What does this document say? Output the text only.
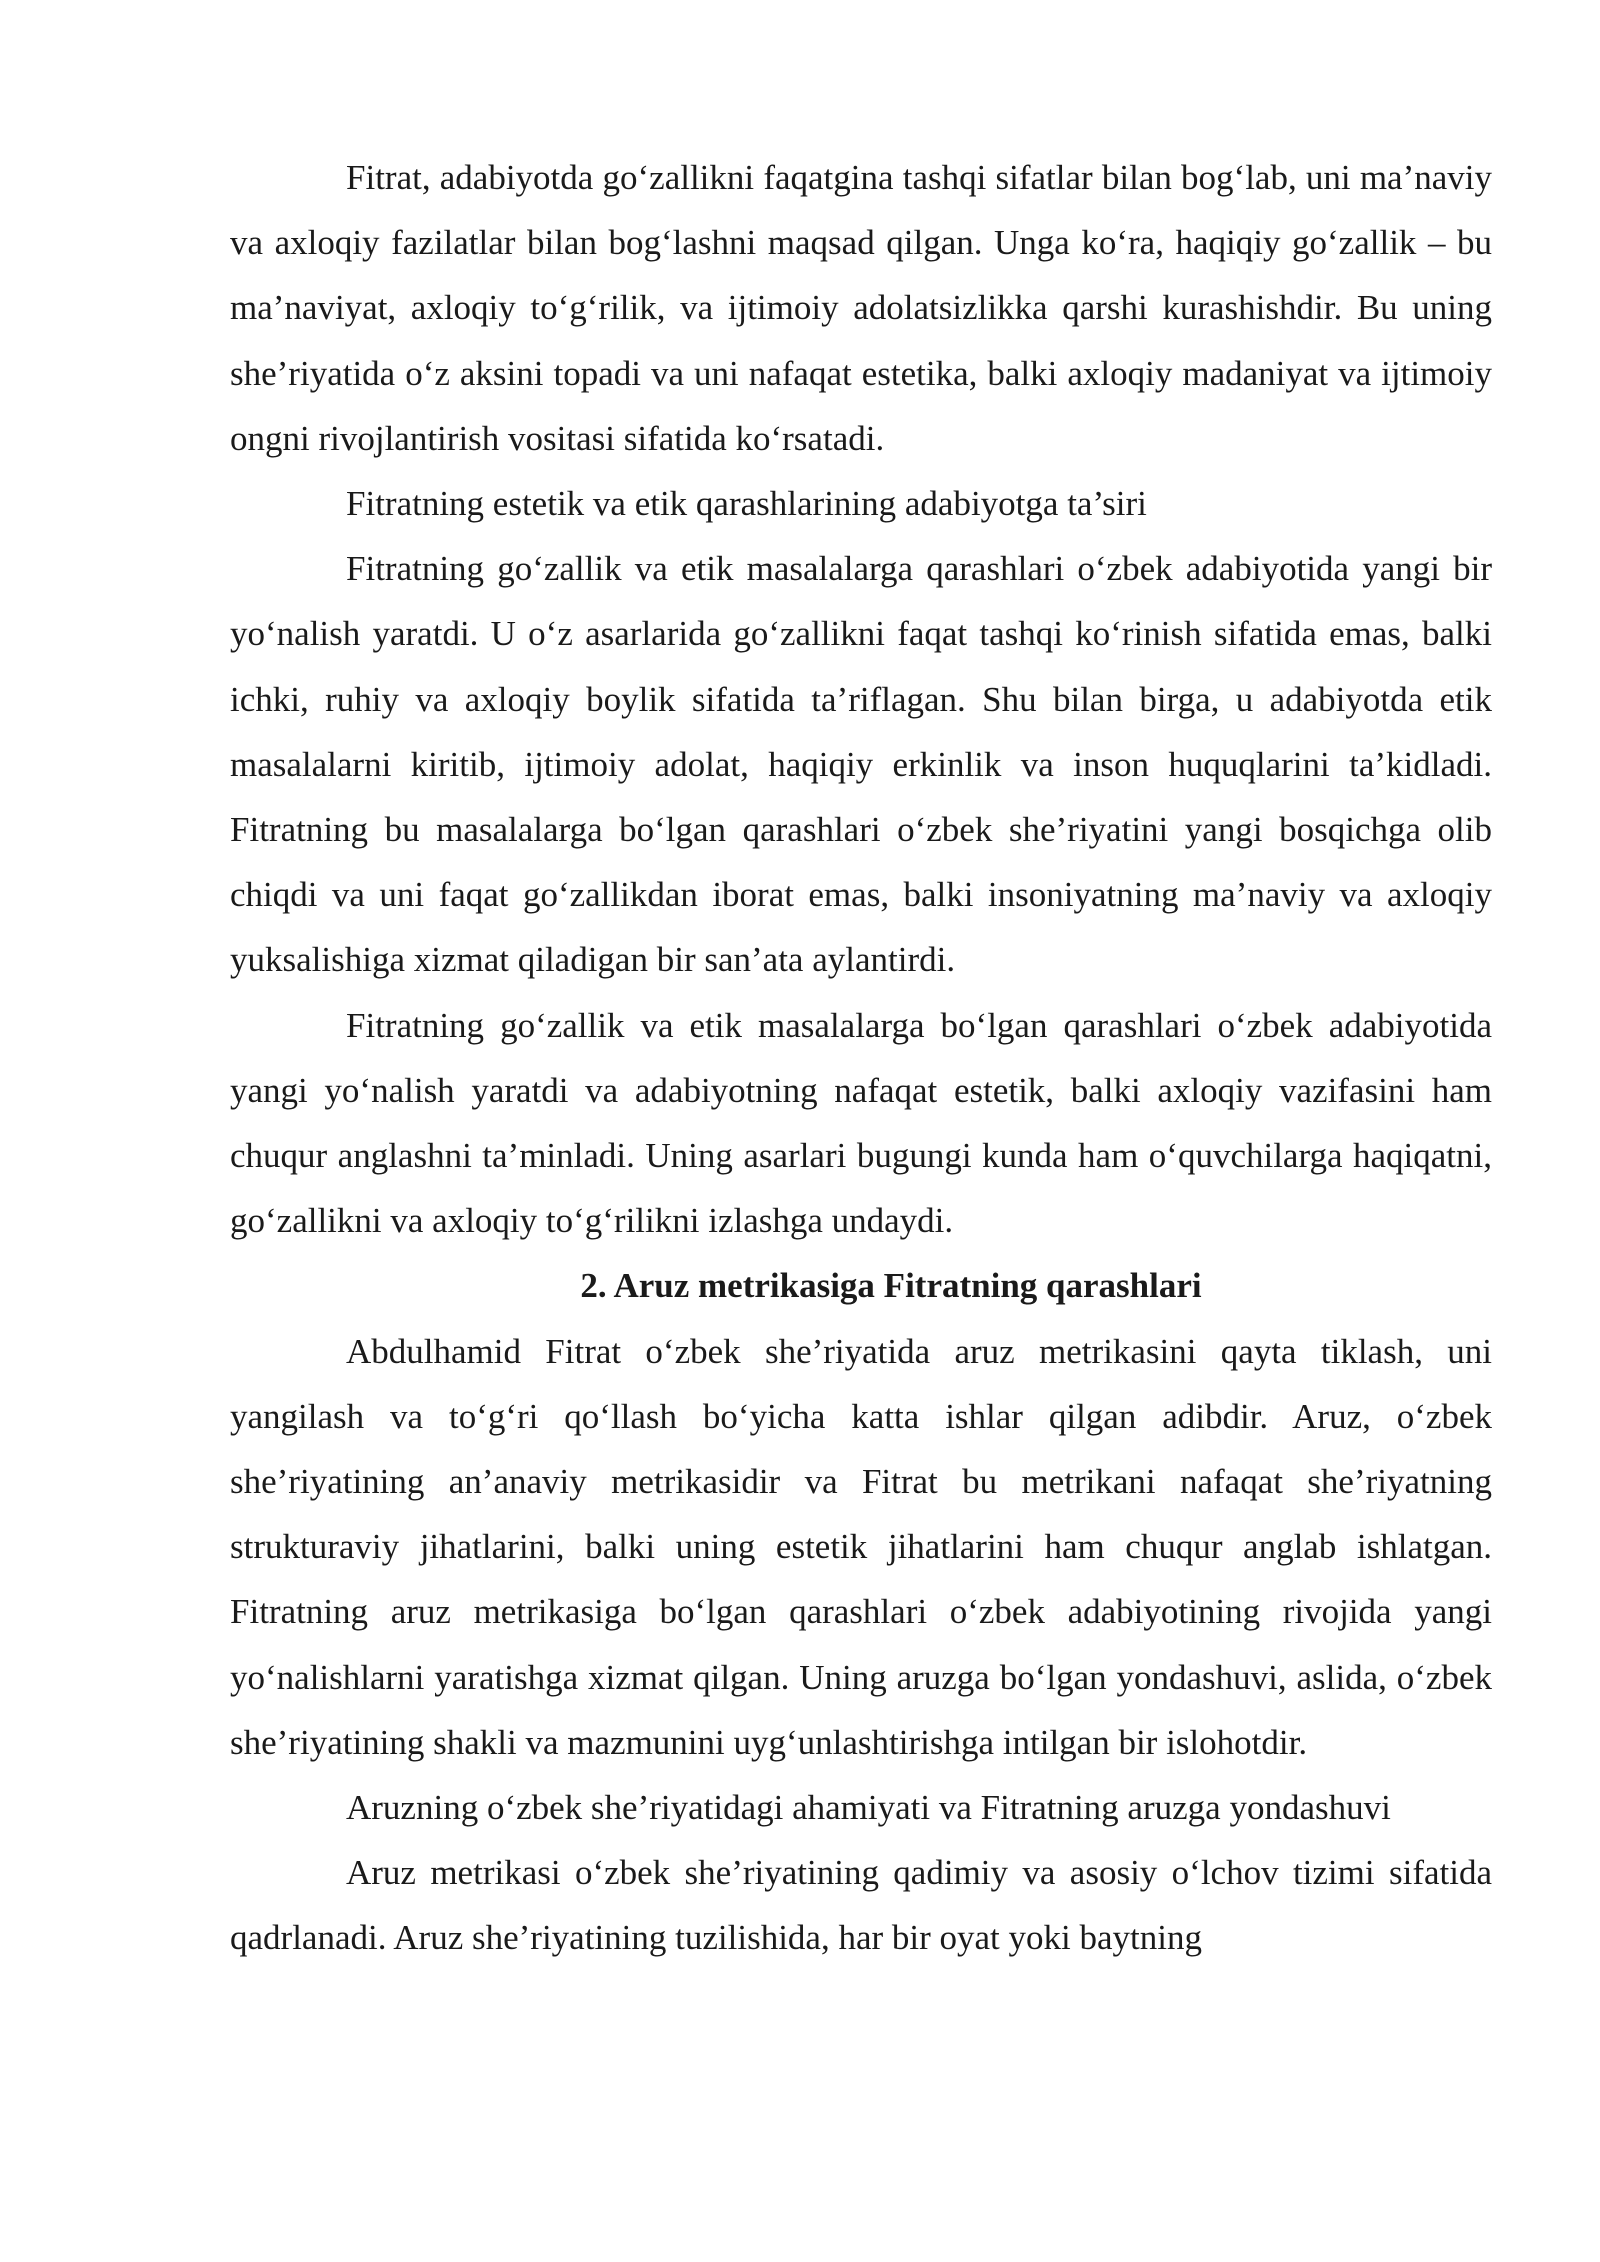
Fitrat, adabiyotda go‘zallikni faqatgina tashqi sifatlar bilan bog‘lab, uni ma’naviy va axloqiy fazilatlar bilan bog‘lashni maqsad qilgan. Unga ko‘ra, haqiqiy go‘zallik – bu ma’naviyat, axloqiy to‘g‘rilik, va ijtimoiy adolatsizlikka qarshi kurashishdir. Bu uning she’riyatida o‘z aksini topadi va uni nafaqat estetika, balki axloqiy madaniyat va ijtimoiy ongni rivojlantirish vositasi sifatida ko‘rsatadi.

Fitratning estetik va etik qarashlarining adabiyotga ta’siri

Fitratning go‘zallik va etik masalalarga qarashlari o‘zbek adabiyotida yangi bir yo‘nalish yaratdi. U o‘z asarlarida go‘zallikni faqat tashqi ko‘rinish sifatida emas, balki ichki, ruhiy va axloqiy boylik sifatida ta’riflagan. Shu bilan birga, u adabiyotda etik masalalarni kiritib, ijtimoiy adolat, haqiqiy erkinlik va inson huquqlarini ta’kidladi. Fitratning bu masalalarga bo‘lgan qarashlari o‘zbek she’riyatini yangi bosqichga olib chiqdi va uni faqat go‘zallikdan iborat emas, balki insoniyatning ma’naviy va axloqiy yuksalishiga xizmat qiladigan bir san’ata aylantirdi.

Fitratning go‘zallik va etik masalalarga bo‘lgan qarashlari o‘zbek adabiyotida yangi yo‘nalish yaratdi va adabiyotning nafaqat estetik, balki axloqiy vazifasini ham chuqur anglashni ta’minladi. Uning asarlari bugungi kunda ham o‘quvchilarga haqiqatni, go‘zallikni va axloqiy to‘g‘rilikni izlashga undaydi.

2. Aruz metrikasiga Fitratning qarashlari

Abdulhamid Fitrat o‘zbek she’riyatida aruz metrikasini qayta tiklash, uni yangilash va to‘g‘ri qo‘llash bo‘yicha katta ishlar qilgan adibdir. Aruz, o‘zbek she’riyatining an’anaviy metrikasidir va Fitrat bu metrikani nafaqat she’riyatning strukturaviy jihatlarini, balki uning estetik jihatlarini ham chuqur anglab ishlatgan. Fitratning aruz metrikasiga bo‘lgan qarashlari o‘zbek adabiyotining rivojida yangi yo‘nalishlarni yaratishga xizmat qilgan. Uning aruzga bo‘lgan yondashuvi, aslida, o‘zbek she’riyatining shakli va mazmunini uyg‘unlashtirishga intilgan bir islohotdir.

Aruzning o‘zbek she’riyatidagi ahamiyati va Fitratning aruzga yondashuvi

Aruz metrikasi o‘zbek she’riyatining qadimiy va asosiy o‘lchov tizimi sifatida qadrlanadi. Aruz she’riyatining tuzilishida, har bir oyat yoki baytning
